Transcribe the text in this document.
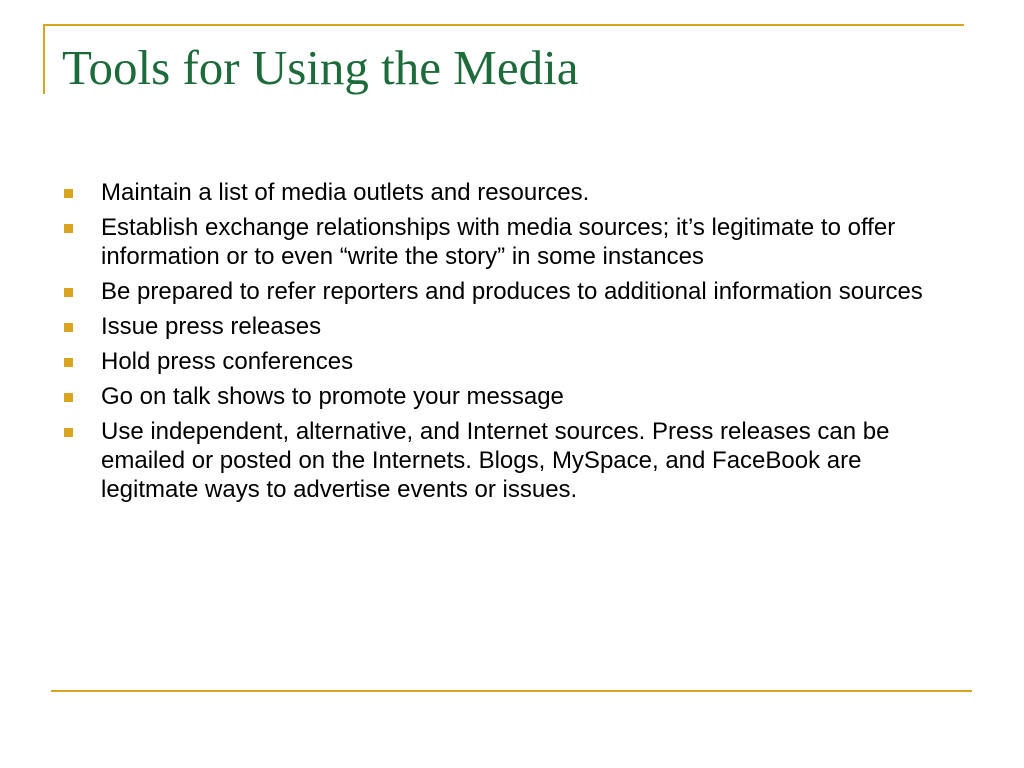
Tools for Using the Media
Maintain a list of media outlets and resources.
Establish exchange relationships with media sources; it’s legitimate to offer information or to even “write the story” in some instances
Be prepared to refer reporters and produces to additional information sources
Issue press releases
Hold press conferences
Go on talk shows to promote your message
Use independent, alternative, and Internet sources. Press releases can be emailed or posted on the Internets. Blogs, MySpace, and FaceBook are legitmate ways to advertise events or issues.
